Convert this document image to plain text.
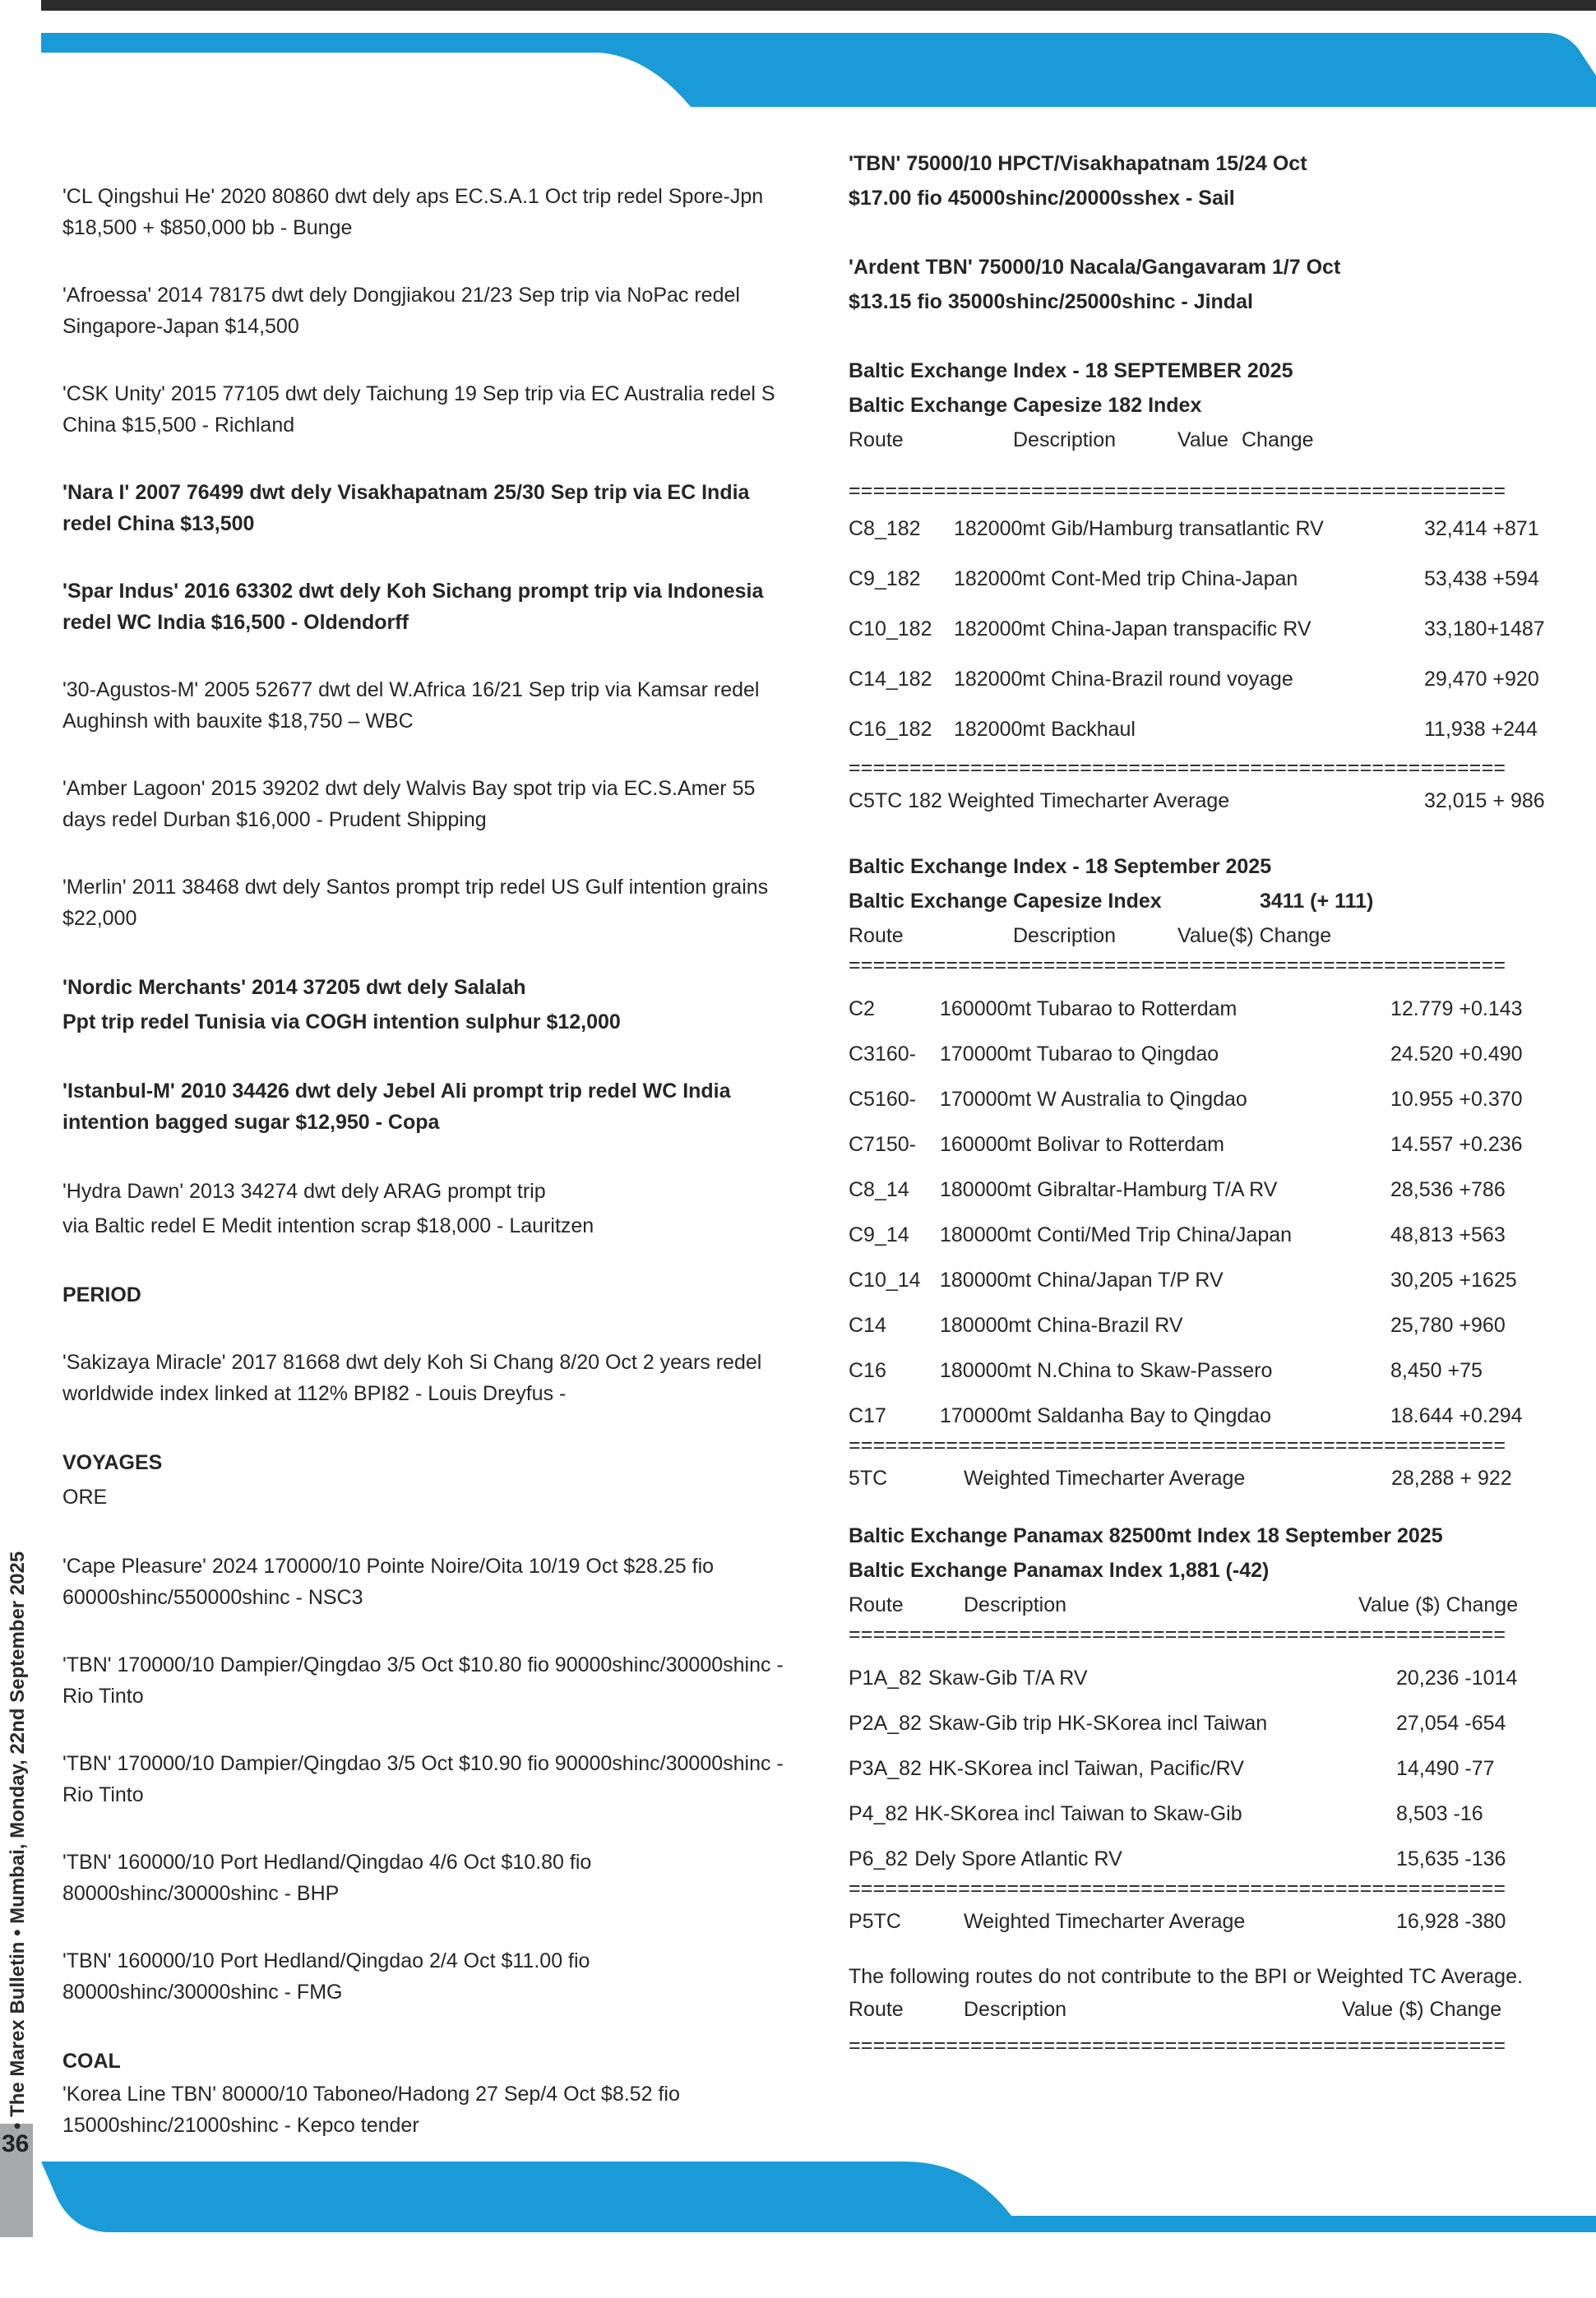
36
• The Marex Bulletin • Mumbai, Monday, 22nd September 2025

'CL Qingshui He' 2020 80860 dwt dely aps EC.S.A.1 Oct trip redel Spore-Jpn $18,500 + $850,000 bb - Bunge

'Afroessa' 2014 78175 dwt dely Dongjiakou 21/23 Sep trip via NoPac redel Singapore-Japan $14,500

'CSK Unity' 2015 77105 dwt dely Taichung 19 Sep trip via EC Australia redel S China $15,500 - Richland

'Nara I' 2007 76499 dwt dely Visakhapatnam 25/30 Sep trip via EC India redel China $13,500

'Spar Indus' 2016 63302 dwt dely Koh Sichang prompt trip via Indonesia redel WC India $16,500 - Oldendorff

'30-Agustos-M' 2005 52677 dwt del W.Africa 16/21 Sep trip via Kamsar redel Aughinsh with bauxite $18,750 – WBC

'Amber Lagoon' 2015 39202 dwt dely Walvis Bay spot trip via EC.S.Amer 55 days redel Durban $16,000 - Prudent Shipping

'Merlin' 2011 38468 dwt dely Santos prompt trip redel US Gulf intention grains $22,000

'Nordic Merchants' 2014 37205 dwt dely Salalah
Ppt trip redel Tunisia via COGH intention sulphur $12,000

'Istanbul-M' 2010 34426 dwt dely Jebel Ali prompt trip redel WC India intention bagged sugar $12,950 - Copa

'Hydra Dawn' 2013 34274 dwt dely ARAG prompt trip
via Baltic redel E Medit intention scrap $18,000 - Lauritzen

PERIOD

'Sakizaya Miracle' 2017 81668 dwt dely Koh Si Chang 8/20 Oct 2 years redel worldwide index linked at 112% BPI82 - Louis Dreyfus -

VOYAGES

ORE

'Cape Pleasure' 2024 170000/10 Pointe Noire/Oita 10/19 Oct $28.25 fio 60000shinc/550000shinc - NSC3

'TBN' 170000/10 Dampier/Qingdao 3/5 Oct $10.80 fio 90000shinc/30000shinc - Rio Tinto

'TBN' 170000/10 Dampier/Qingdao 3/5 Oct $10.90 fio 90000shinc/30000shinc - Rio Tinto

'TBN' 160000/10 Port Hedland/Qingdao 4/6 Oct $10.80 fio 80000shinc/30000shinc - BHP

'TBN' 160000/10 Port Hedland/Qingdao 2/4 Oct $11.00 fio 80000shinc/30000shinc - FMG

COAL

'Korea Line TBN' 80000/10 Taboneo/Hadong 27 Sep/4 Oct $8.52 fio 15000shinc/21000shinc - Kepco tender

'TBN' 75000/10 HPCT/Visakhapatnam 15/24 Oct
$17.00 fio 45000shinc/20000sshex - Sail
'Ardent TBN' 75000/10 Nacala/Gangavaram 1/7 Oct
$13.15 fio 35000shinc/25000shinc - Jindal
Baltic Exchange Index - 18 SEPTEMBER 2025
Baltic Exchange Capesize 182 Index
Route	Description	Value Change
======================================================
C8_182	182000mt Gib/Hamburg transatlantic RV	32,414 +871
C9_182	182000mt Cont-Med trip China-Japan	53,438 +594
C10_182	182000mt China-Japan transpacific RV	33,180+1487
C14_182	182000mt China-Brazil round voyage	29,470 +920
C16_182	182000mt Backhaul	11,938 +244
======================================================
C5TC 182 Weighted Timecharter Average	32,015 + 986
Baltic Exchange Index - 18 September 2025
Baltic Exchange Capesize Index	3411 (+ 111)
Route	Description	Value($) Change
======================================================
C2	160000mt Tubarao to Rotterdam	12.779 +0.143
C3160-	170000mt Tubarao to Qingdao	24.520 +0.490
C5160-	170000mt W Australia to Qingdao	10.955 +0.370
C7150-	160000mt Bolivar to Rotterdam	14.557 +0.236
C8_14	180000mt Gibraltar-Hamburg T/A RV	28,536 +786
C9_14	180000mt Conti/Med Trip China/Japan	48,813 +563
C10_14 180000mt China/Japan T/P RV	30,205 +1625
C14	180000mt China-Brazil RV	25,780 +960
C16	180000mt N.China to Skaw-Passero	8,450 +75
C17	170000mt Saldanha Bay to Qingdao	18.644 +0.294
======================================================
5TC	Weighted Timecharter Average	28,288 + 922
Baltic Exchange Panamax 82500mt Index 18 September 2025
Baltic Exchange Panamax Index 1,881 (-42)
Route	Description	Value ($) Change
======================================================
P1A_82 Skaw-Gib T/A RV	20,236 -1014
P2A_82 Skaw-Gib trip HK-SKorea incl Taiwan	27,054 -654
P3A_82 HK-SKorea incl Taiwan, Pacific/RV	14,490 -77
P4_82 HK-SKorea incl Taiwan to Skaw-Gib	8,503 -16
P6_82 Dely Spore Atlantic RV	15,635 -136
======================================================
P5TC	Weighted Timecharter Average	16,928 -380
The following routes do not contribute to the BPI or Weighted TC Average.
Route	Description	Value ($) Change
======================================================
